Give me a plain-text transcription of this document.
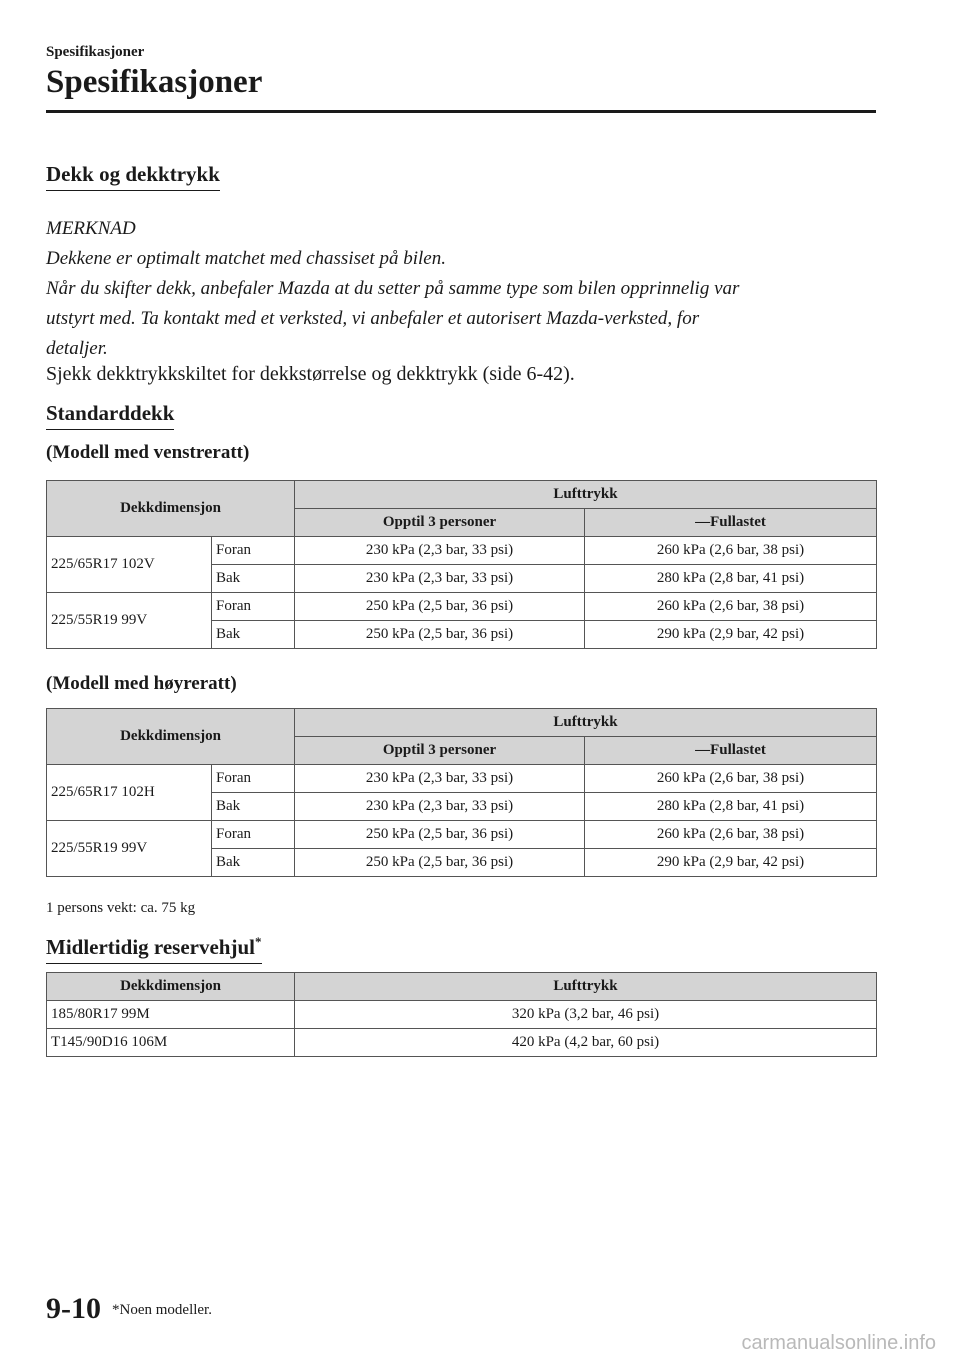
Spesifikasjoner
Spesifikasjoner
Dekk og dekktrykk
MERKNAD
Dekkene er optimalt matchet med chassiset på bilen.
Når du skifter dekk, anbefaler Mazda at du setter på samme type som bilen opprinnelig var
utstyrt med. Ta kontakt med et verksted, vi anbefaler et autorisert Mazda-verksted, for
detaljer.
Sjekk dekktrykkskiltet for dekkstørrelse og dekktrykk (side 6-42).
Standarddekk
(Modell med venstreratt)
Dekkdimensjon		Lufttrykk	
		Opptil 3 personer	—Fullastet
225/65R17 102V	Foran	230 kPa (2,3 bar, 33 psi)	260 kPa (2,6 bar, 38 psi)
	Bak	230 kPa (2,3 bar, 33 psi)	280 kPa (2,8 bar, 41 psi)
225/55R19 99V	Foran	250 kPa (2,5 bar, 36 psi)	260 kPa (2,6 bar, 38 psi)
	Bak	250 kPa (2,5 bar, 36 psi)	290 kPa (2,9 bar, 42 psi)
(Modell med høyreratt)
Dekkdimensjon		Lufttrykk	
		Opptil 3 personer	—Fullastet
225/65R17 102H	Foran	230 kPa (2,3 bar, 33 psi)	260 kPa (2,6 bar, 38 psi)
	Bak	230 kPa (2,3 bar, 33 psi)	280 kPa (2,8 bar, 41 psi)
225/55R19 99V	Foran	250 kPa (2,5 bar, 36 psi)	260 kPa (2,6 bar, 38 psi)
	Bak	250 kPa (2,5 bar, 36 psi)	290 kPa (2,9 bar, 42 psi)
1 persons vekt: ca. 75 kg
Midlertidig reservehjul*
Dekkdimensjon	Lufttrykk
185/80R17 99M	320 kPa (3,2 bar, 46 psi)
T145/90D16 106M	420 kPa (4,2 bar, 60 psi)
9-10 *Noen modeller.
carmanualsonline.info
